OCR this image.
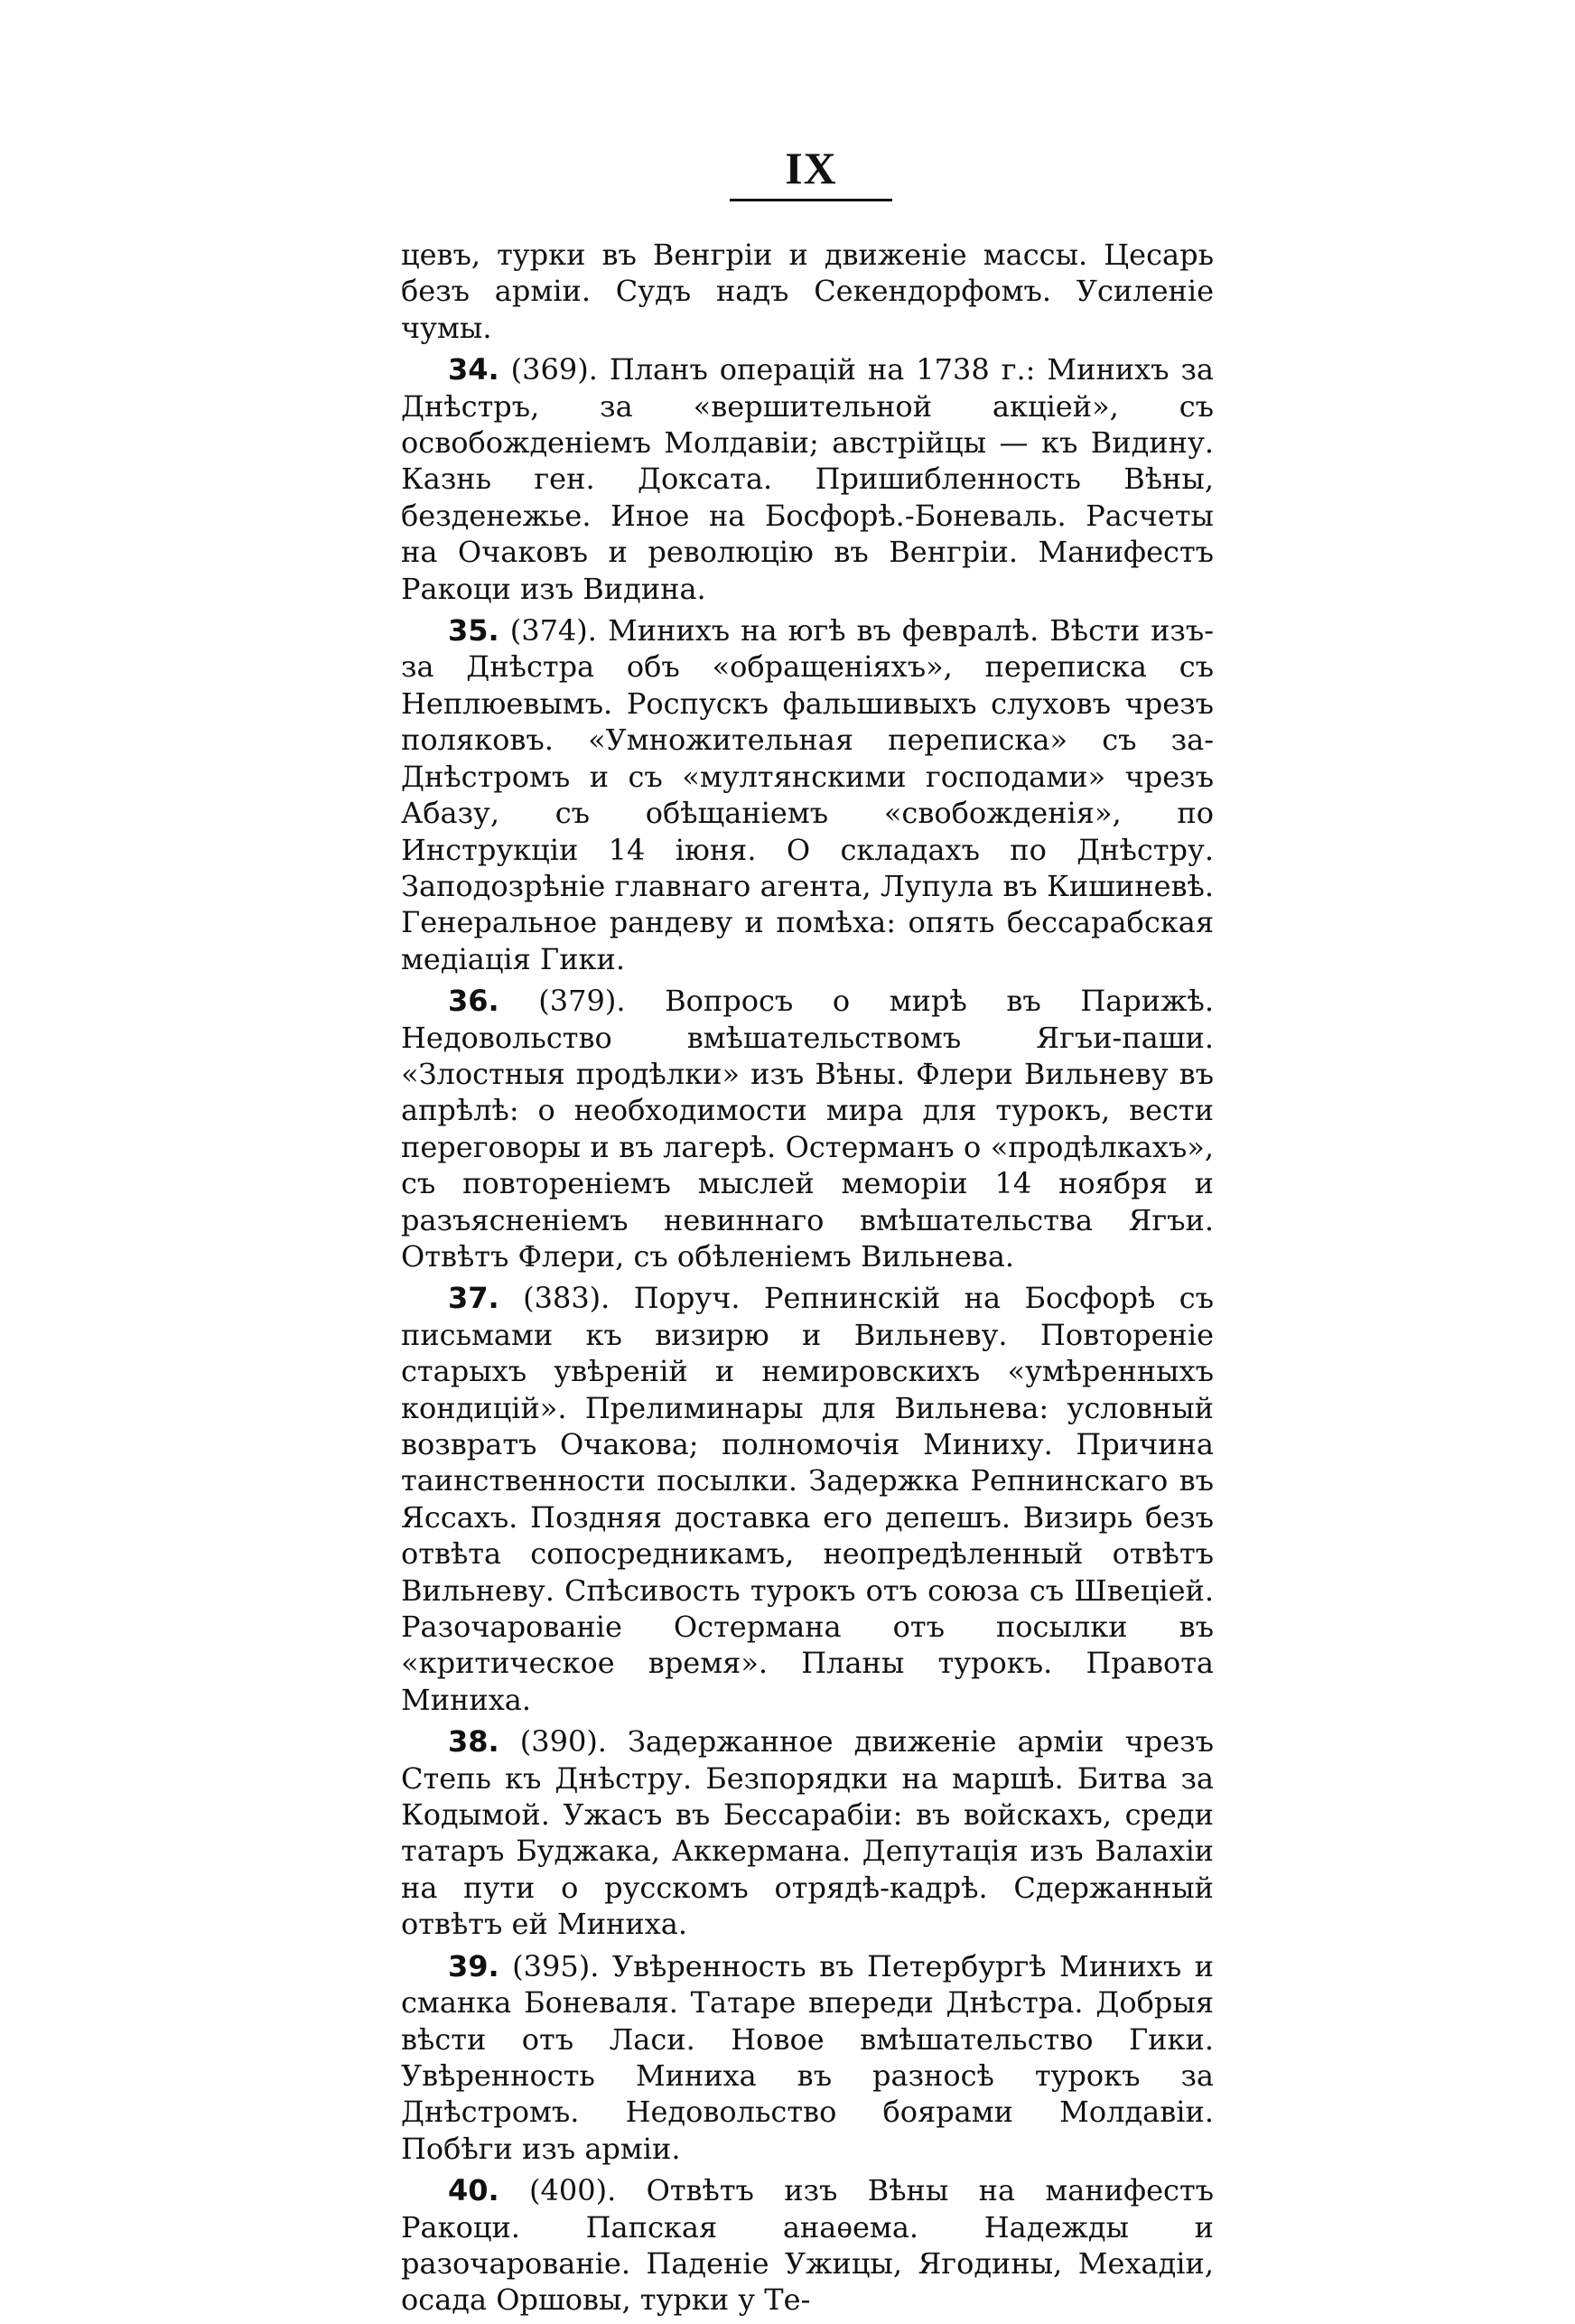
IX

цевъ, турки въ Венгріи и движеніе массы. Цесарь безъ арміи. Судъ надъ Секендорфомъ. Усиленіе чумы.

34. (369). Планъ операцій на 1738 г.: Минихъ за Днѣстръ, за «вершительной акціей», съ освобожденіемъ Молдавіи; австрійцы — къ Видину. Казнь ген. Доксата. Пришибленность Вѣны, безденежье. Иное на Босфорѣ.-Боневаль. Расчеты на Очаковъ и революцію въ Венгріи. Манифестъ Ракоци изъ Видина.

35. (374). Минихъ на югѣ въ февралѣ. Вѣсти изъ-за Днѣстра объ «обращеніяхъ», переписка съ Неплюевымъ. Роспускъ фальшивыхъ слуховъ чрезъ поляковъ. «Умножительная переписка» съ за-Днѣстромъ и съ «мултянскими господами» чрезъ Абазу, съ обѣщаніемъ «свобожденія», по Инструкціи 14 іюня. О складахъ по Днѣстру. Заподозрѣніе главнаго агента, Лупула въ Кишиневѣ. Генеральное рандеву и помѣха: опять бессарабская медіація Гики.

36. (379). Вопросъ о мирѣ въ Парижѣ. Недовольство вмѣшательствомъ Ягъи-паши. «Злостныя продѣлки» изъ Вѣны. Флери Вильневу въ апрѣлѣ: о необходимости мира для турокъ, вести переговоры и въ лагерѣ. Остерманъ о «продѣлкахъ», съ повтореніемъ мыслей меморіи 14 ноября и разъясненіемъ невиннаго вмѣшательства Ягъи. Отвѣтъ Флери, съ обѣленіемъ Вильнева.

37. (383). Поруч. Репнинскій на Босфорѣ съ письмами къ визирю и Вильневу. Повтореніе старыхъ увѣреній и немировскихъ «умѣренныхъ кондицій». Прелиминары для Вильнева: условный возвратъ Очакова; полномочія Миниху. Причина таинственности посылки. Задержка Репнинскаго въ Яссахъ. Поздняя доставка его депешъ. Визирь безъ отвѣта сопосредникамъ, неопредѣленный отвѣтъ Вильневу. Спѣсивость турокъ отъ союза съ Швеціей. Разочарованіе Остермана отъ посылки въ «критическое время». Планы турокъ. Правота Миниха.

38. (390). Задержанное движеніе арміи чрезъ Степь къ Днѣстру. Безпорядки на маршѣ. Битва за Кодымой. Ужасъ въ Бессарабіи: въ войскахъ, среди татаръ Буджака, Аккермана. Депутація изъ Валахіи на пути о русскомъ отрядѣ-кадрѣ. Сдержанный отвѣтъ ей Миниха.

39. (395). Увѣренность въ Петербургѣ Минихъ и сманка Боневаля. Татаре впереди Днѣстра. Добрыя вѣсти отъ Ласи. Новое вмѣшательство Гики. Увѣренность Миниха въ разносѣ турокъ за Днѣстромъ. Недовольство боярами Молдавіи. Побѣги изъ арміи.

40. (400). Отвѣтъ изъ Вѣны на манифестъ Ракоци. Папская анаѳема. Надежды и разочарованіе. Паденіе Ужицы, Ягодины, Мехадіи, осада Оршовы, турки у Те-
